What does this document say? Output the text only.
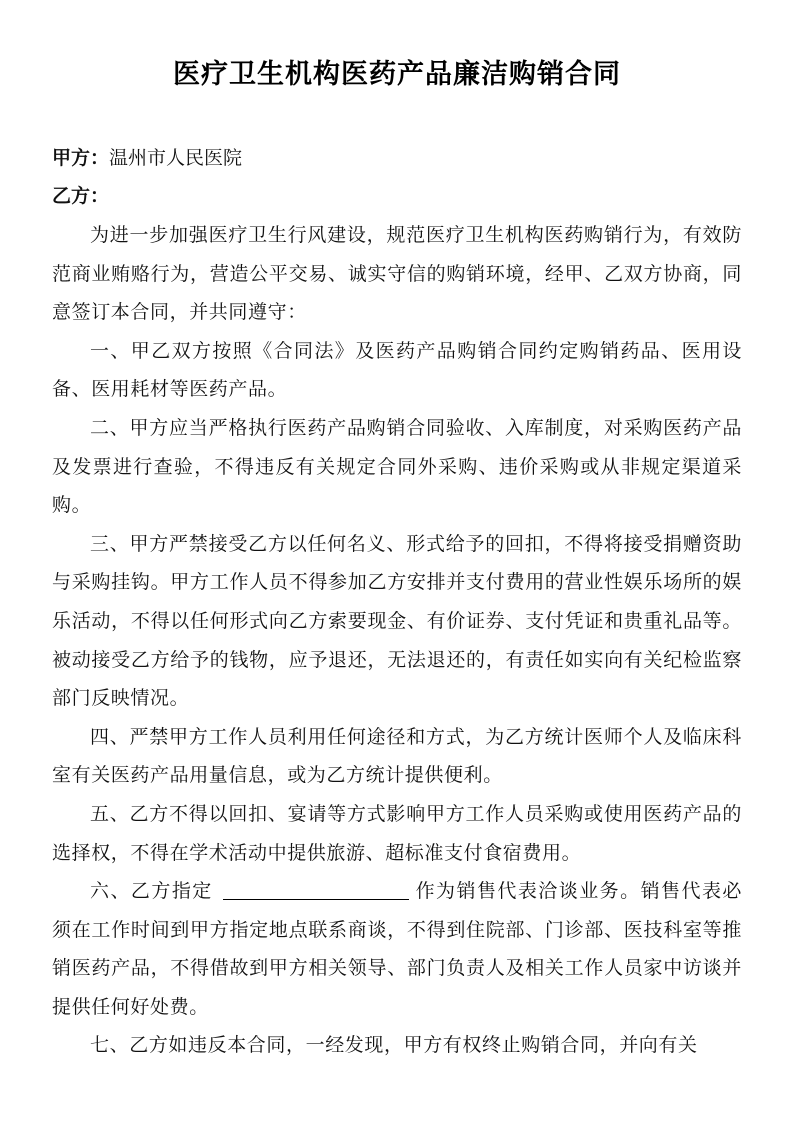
医疗卫生机构医药产品廉洁购销合同
甲方：温州市人民医院
乙方：

为进一步加强医疗卫生行风建设，规范医疗卫生机构医药购销行为，有效防范商业贿赂行为，营造公平交易、诚实守信的购销环境，经甲、乙双方协商，同意签订本合同，并共同遵守：

一、甲乙双方按照《合同法》及医药产品购销合同约定购销药品、医用设备、医用耗材等医药产品。

二、甲方应当严格执行医药产品购销合同验收、入库制度，对采购医药产品及发票进行查验，不得违反有关规定合同外采购、违价采购或从非规定渠道采购。

三、甲方严禁接受乙方以任何名义、形式给予的回扣，不得将接受捐赠资助与采购挂钩。甲方工作人员不得参加乙方安排并支付费用的营业性娱乐场所的娱乐活动，不得以任何形式向乙方索要现金、有价证券、支付凭证和贵重礼品等。被动接受乙方给予的钱物，应予退还，无法退还的，有责任如实向有关纪检监察部门反映情况。

四、严禁甲方工作人员利用任何途径和方式，为乙方统计医师个人及临床科室有关医药产品用量信息，或为乙方统计提供便利。

五、乙方不得以回扣、宴请等方式影响甲方工作人员采购或使用医药产品的选择权，不得在学术活动中提供旅游、超标准支付食宿费用。

六、乙方指定	作为销售代表洽谈业务。销售代表必须在工作时间到甲方指定地点联系商谈，不得到住院部、门诊部、医技科室等推销医药产品，不得借故到甲方相关领导、部门负责人及相关工作人员家中访谈并提供任何好处费。

七、乙方如违反本合同，一经发现，甲方有权终止购销合同，并向有关
